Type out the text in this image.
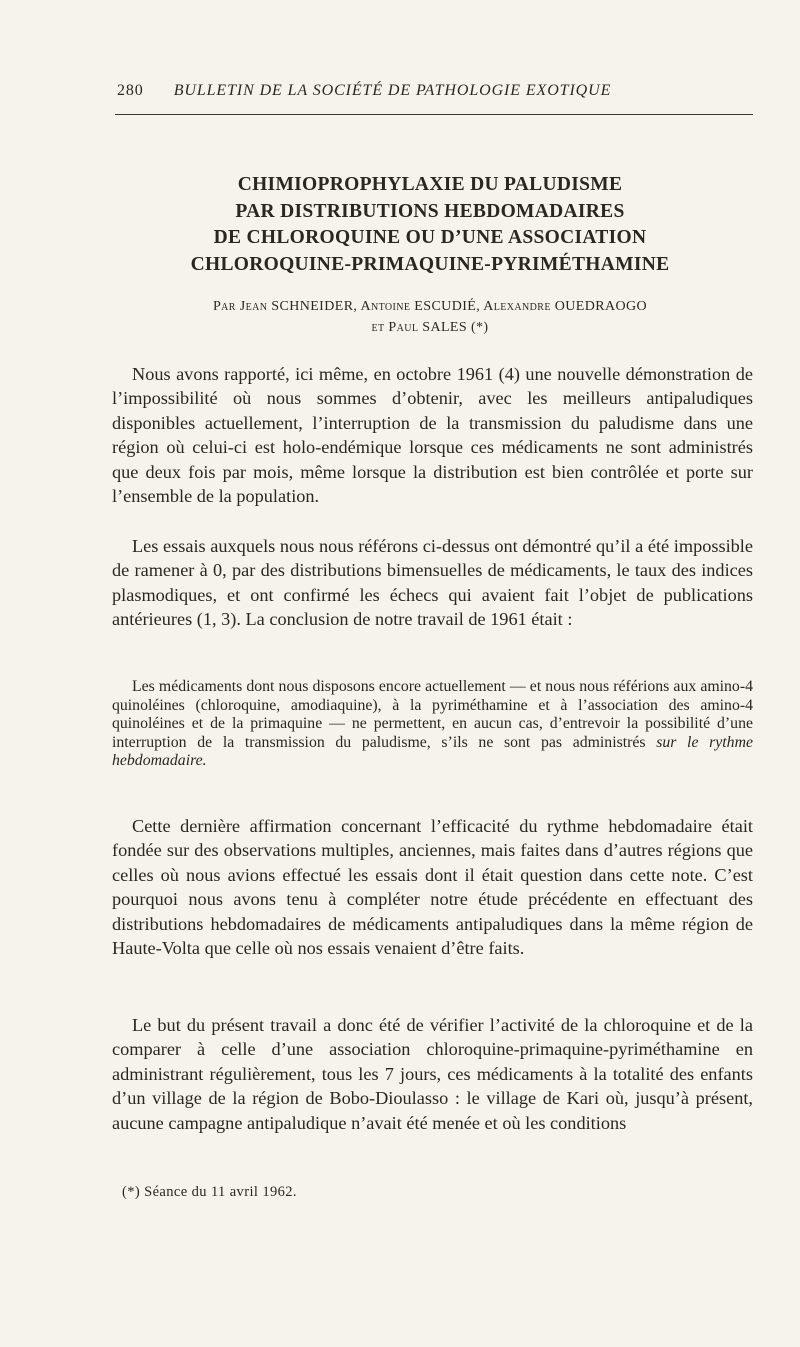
280 BULLETIN DE LA SOCIÉTÉ DE PATHOLOGIE EXOTIQUE
CHIMIOPROPHYLAXIE DU PALUDISME
PAR DISTRIBUTIONS HEBDOMADAIRES
DE CHLOROQUINE OU D’UNE ASSOCIATION
CHLOROQUINE-PRIMAQUINE-PYRIMÉTHAMINE
Par Jean SCHNEIDER, Antoine ESCUDIÉ, Alexandre OUEDRAOGO
et Paul SALES (*)

Nous avons rapporté, ici même, en octobre 1961 (4) une nouvelle démonstration de l’impossibilité où nous sommes d’obtenir, avec les meilleurs antipaludiques disponibles actuellement, l’interruption de la transmission du paludisme dans une région où celui-ci est holo-endémique lorsque ces médicaments ne sont administrés que deux fois par mois, même lorsque la distribution est bien contrôlée et porte sur l’ensemble de la population.

Les essais auxquels nous nous référons ci-dessus ont démontré qu’il a été impossible de ramener à 0, par des distributions bimensuelles de médicaments, le taux des indices plasmodiques, et ont confirmé les échecs qui avaient fait l’objet de publications antérieures (1, 3). La conclusion de notre travail de 1961 était :

Les médicaments dont nous disposons encore actuellement — et nous nous référions aux amino-4 quinoléines (chloroquine, amodiaquine), à la pyriméthamine et à l’association des amino-4 quinoléines et de la primaquine — ne permettent, en aucun cas, d’entrevoir la possibilité d’une interruption de la transmission du paludisme, s’ils ne sont pas administrés sur le rythme hebdomadaire.

Cette dernière affirmation concernant l’efficacité du rythme hebdomadaire était fondée sur des observations multiples, anciennes, mais faites dans d’autres régions que celles où nous avions effectué les essais dont il était question dans cette note. C’est pourquoi nous avons tenu à compléter notre étude précédente en effectuant des distributions hebdomadaires de médicaments antipaludiques dans la même région de Haute-Volta que celle où nos essais venaient d’être faits.

Le but du présent travail a donc été de vérifier l’activité de la chloroquine et de la comparer à celle d’une association chloroquine-primaquine-pyriméthamine en administrant régulièrement, tous les 7 jours, ces médicaments à la totalité des enfants d’un village de la région de Bobo-Dioulasso : le village de Kari où, jusqu’à présent, aucune campagne antipaludique n’avait été menée et où les conditions

(*) Séance du 11 avril 1962.
